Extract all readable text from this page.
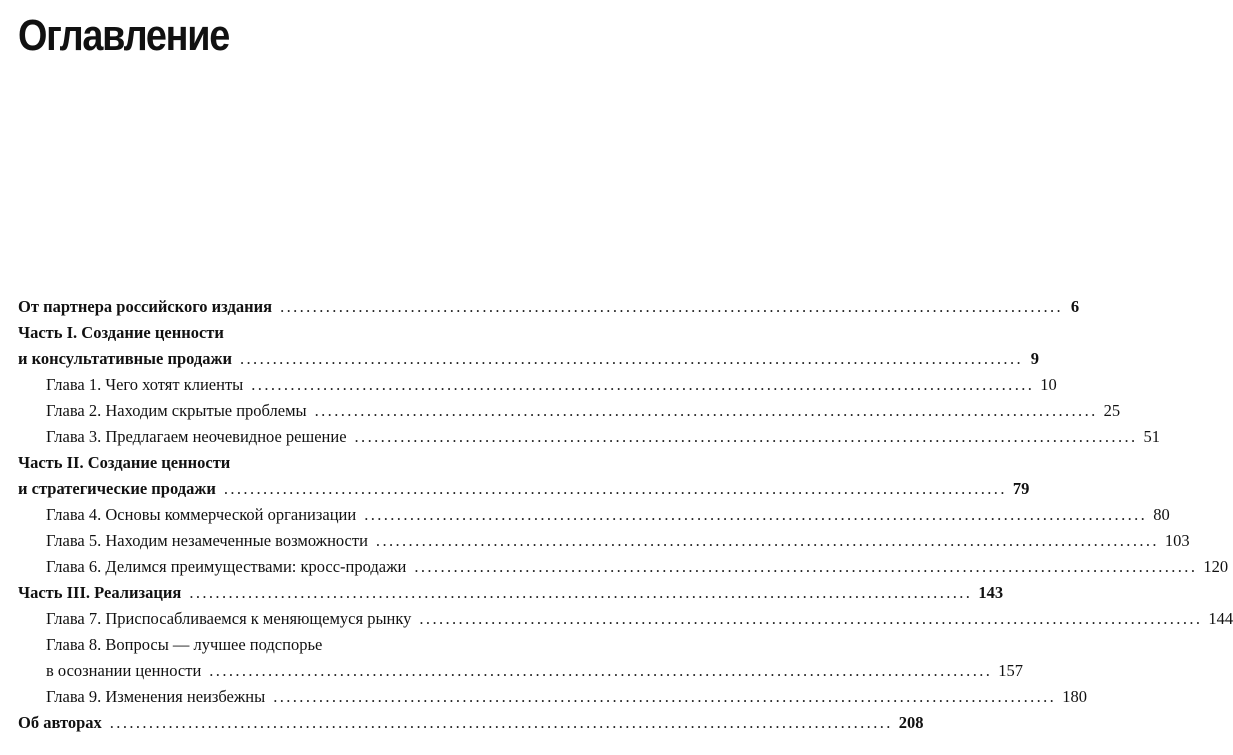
Оглавление
От партнера российского издания ........................................................................................................................ 6
Часть I. Создание ценности
и консультативные продажи ........................................................................................................................ 9
Глава 1. Чего хотят клиенты ........................................................................................................................ 10
Глава 2. Находим скрытые проблемы ........................................................................................................................ 25
Глава 3. Предлагаем неочевидное решение ........................................................................................................................ 51
Часть II. Создание ценности
и стратегические продажи ........................................................................................................................ 79
Глава 4. Основы коммерческой организации ........................................................................................................................ 80
Глава 5. Находим незамеченные возможности ........................................................................................................................ 103
Глава 6. Делимся преимуществами: кросс-продажи ........................................................................................................................ 120
Часть III. Реализация ........................................................................................................................ 143
Глава 7. Приспосабливаемся к меняющемуся рынку ........................................................................................................................ 144
Глава 8. Вопросы — лучшее подспорье
в осознании ценности ........................................................................................................................ 157
Глава 9. Изменения неизбежны ........................................................................................................................ 180
Об авторах ........................................................................................................................ 208
